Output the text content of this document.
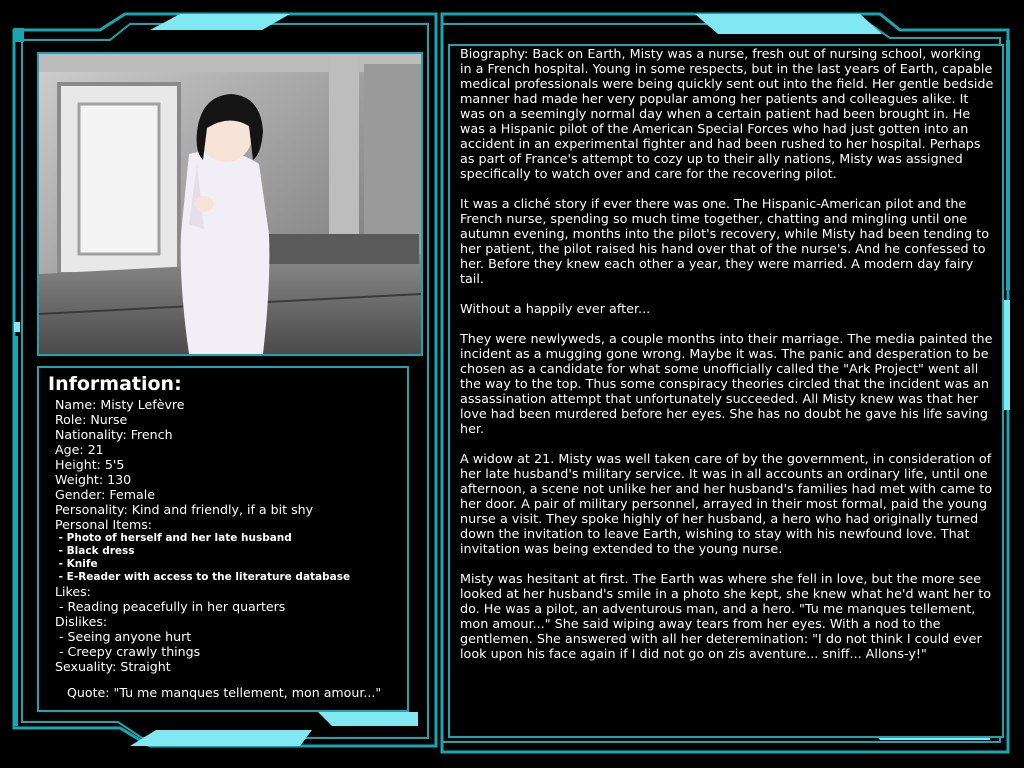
Information:
Name: Misty Lefèvre
Role: Nurse
Nationality: French
Age: 21
Height: 5'5
Weight: 130
Gender: Female
Personality: Kind and friendly, if a bit shy
Personal Items:
- Photo of herself and her late husband
- Black dress
- Knife
- E-Reader with access to the literature database
Likes:
- Reading peacefully in her quarters
Dislikes:
- Seeing anyone hurt
- Creepy crawly things
Sexuality: Straight
Quote: "Tu me manques tellement, mon amour..."

Biography: Back on Earth, Misty was a nurse, fresh out of nursing school, working in a French hospital. Young in some respects, but in the last years of Earth, capable medical professionals were being quickly sent out into the field. Her gentle bedside manner had made her very popular among her patients and colleagues alike. It was on a seemingly normal day when a certain patient had been brought in. He was a Hispanic pilot of the American Special Forces who had just gotten into an accident in an experimental fighter and had been rushed to her hospital. Perhaps as part of France's attempt to cozy up to their ally nations, Misty was assigned specifically to watch over and care for the recovering pilot.

It was a cliché story if ever there was one. The Hispanic-American pilot and the French nurse, spending so much time together, chatting and mingling until one autumn evening, months into the pilot's recovery, while Misty had been tending to her patient, the pilot raised his hand over that of the nurse's. And he confessed to her. Before they knew each other a year, they were married. A modern day fairy tail.

Without a happily ever after...

They were newlyweds, a couple months into their marriage. The media painted the incident as a mugging gone wrong. Maybe it was. The panic and desperation to be chosen as a candidate for what some unofficially called the "Ark Project" went all the way to the top. Thus some conspiracy theories circled that the incident was an assassination attempt that unfortunately succeeded. All Misty knew was that her love had been murdered before her eyes. She has no doubt he gave his life saving her.

A widow at 21. Misty was well taken care of by the government, in consideration of her late husband's military service. It was in all accounts an ordinary life, until one afternoon, a scene not unlike her and her husband's families had met with came to her door. A pair of military personnel, arrayed in their most formal, paid the young nurse a visit. They spoke highly of her husband, a hero who had originally turned down the invitation to leave Earth, wishing to stay with his newfound love. That invitation was being extended to the young nurse.

Misty was hesitant at first. The Earth was where she fell in love, but the more see looked at her husband's smile in a photo she kept, she knew what he'd want her to do. He was a pilot, an adventurous man, and a hero. "Tu me manques tellement, mon amour..." She said wiping away tears from her eyes. With a nod to the gentlemen. She answered with all her deteremination: "I do not think I could ever look upon his face again if I did not go on zis aventure... sniff... Allons-y!"
